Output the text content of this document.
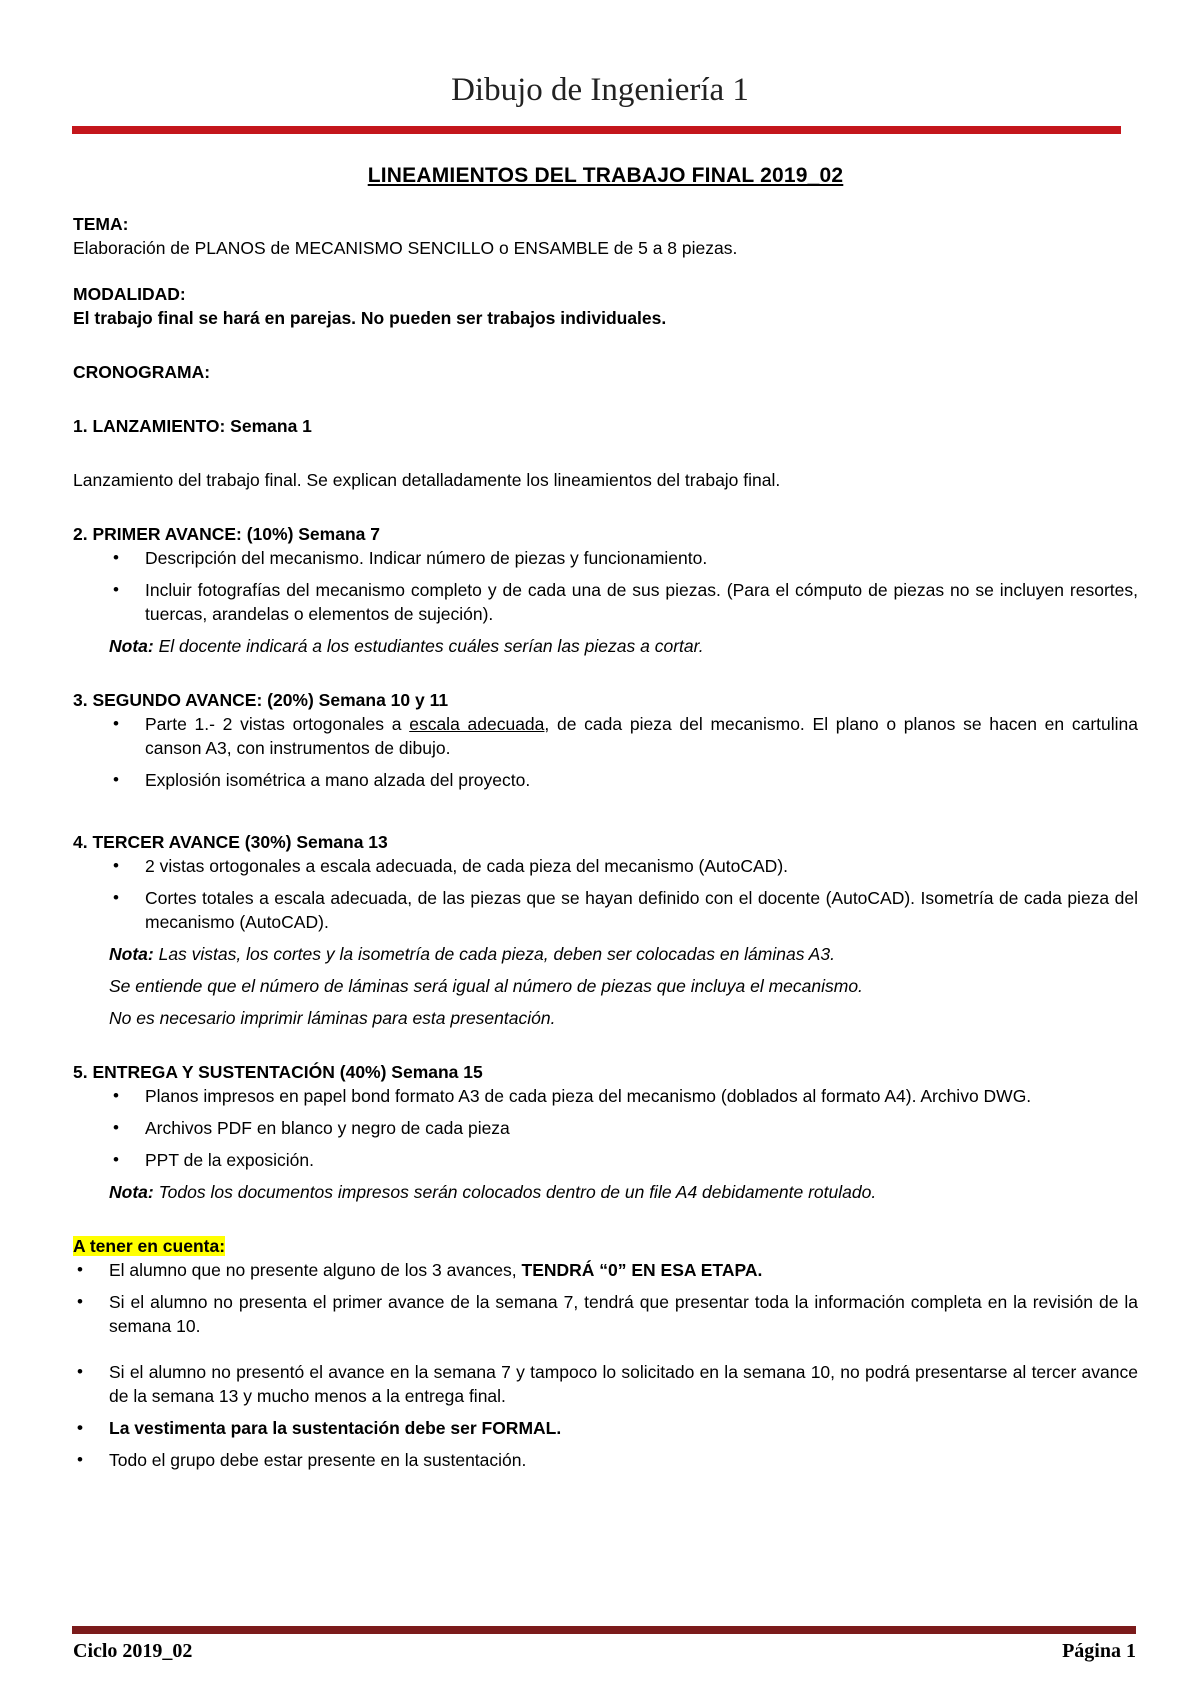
Dibujo de Ingeniería 1
LINEAMIENTOS DEL TRABAJO FINAL 2019_02

TEMA:

Elaboración de PLANOS de MECANISMO SENCILLO o ENSAMBLE de 5 a 8 piezas.

MODALIDAD:

El trabajo final se hará en parejas. No pueden ser trabajos individuales.

CRONOGRAMA:

1. LANZAMIENTO: Semana 1

Lanzamiento del trabajo final. Se explican detalladamente los lineamientos del trabajo final.

2. PRIMER AVANCE: (10%) Semana 7

• Descripción del mecanismo. Indicar número de piezas y funcionamiento.
• Incluir fotografías del mecanismo completo y de cada una de sus piezas. (Para el cómputo de piezas no se incluyen resortes, tuercas, arandelas o elementos de sujeción).

Nota: El docente indicará a los estudiantes cuáles serían las piezas a cortar.

3. SEGUNDO AVANCE: (20%) Semana 10 y 11

• Parte 1.- 2 vistas ortogonales a escala adecuada, de cada pieza del mecanismo. El plano o planos se hacen en cartulina canson A3, con instrumentos de dibujo.
• Explosión isométrica a mano alzada del proyecto.

4. TERCER AVANCE (30%) Semana 13

• 2 vistas ortogonales a escala adecuada, de cada pieza del mecanismo (AutoCAD).
• Cortes totales a escala adecuada, de las piezas que se hayan definido con el docente (AutoCAD). Isometría de cada pieza del mecanismo (AutoCAD).

Nota: Las vistas, los cortes y la isometría de cada pieza, deben ser colocadas en láminas A3.

Se entiende que el número de láminas será igual al número de piezas que incluya el mecanismo.

No es necesario imprimir láminas para esta presentación.

5. ENTREGA Y SUSTENTACIÓN (40%) Semana 15

• Planos impresos en papel bond formato A3 de cada pieza del mecanismo (doblados al formato A4). Archivo DWG.
• Archivos PDF en blanco y negro de cada pieza
• PPT de la exposición.

Nota: Todos los documentos impresos serán colocados dentro de un file A4 debidamente rotulado.

A tener en cuenta:

• El alumno que no presente alguno de los 3 avances, TENDRÁ “0” EN ESA ETAPA.
• Si el alumno no presenta el primer avance de la semana 7, tendrá que presentar toda la información completa en la revisión de la semana 10.
• Si el alumno no presentó el avance en la semana 7 y tampoco lo solicitado en la semana 10, no podrá presentarse al tercer avance de la semana 13 y mucho menos a la entrega final.
• La vestimenta para la sustentación debe ser FORMAL.
• Todo el grupo debe estar presente en la sustentación.
Ciclo 2019_02	Página 1
